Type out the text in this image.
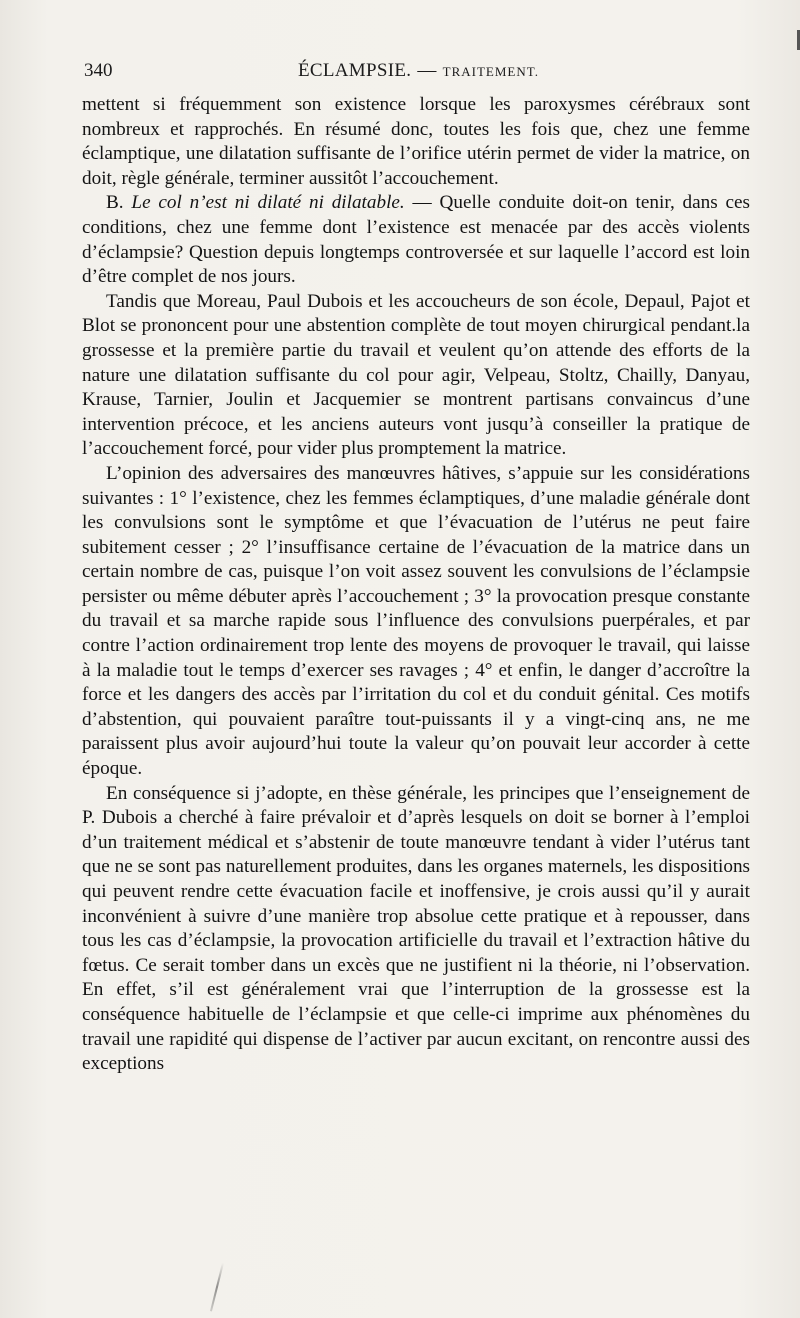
340	ÉCLAMPSIE. — TRAITEMENT.

mettent si fréquemment son existence lorsque les paroxysmes cérébraux sont nombreux et rapprochés. En résumé donc, toutes les fois que, chez une femme éclamptique, une dilatation suffisante de l’orifice utérin permet de vider la matrice, on doit, règle générale, terminer aussitôt l’accouchement.

B. Le col n’est ni dilaté ni dilatable. — Quelle conduite doit-on tenir, dans ces conditions, chez une femme dont l’existence est menacée par des accès violents d’éclampsie? Question depuis longtemps controversée et sur laquelle l’accord est loin d’être complet de nos jours.

Tandis que Moreau, Paul Dubois et les accoucheurs de son école, Depaul, Pajot et Blot se prononcent pour une abstention complète de tout moyen chirurgical pendant.la grossesse et la première partie du travail et veulent qu’on attende des efforts de la nature une dilatation suffisante du col pour agir, Velpeau, Stoltz, Chailly, Danyau, Krause, Tarnier, Joulin et Jacquemier se montrent partisans convaincus d’une intervention précoce, et les anciens auteurs vont jusqu’à conseiller la pratique de l’accouchement forcé, pour vider plus promptement la matrice.

L’opinion des adversaires des manœuvres hâtives, s’appuie sur les considérations suivantes : 1° l’existence, chez les femmes éclamptiques, d’une maladie générale dont les convulsions sont le symptôme et que l’évacuation de l’utérus ne peut faire subitement cesser ; 2° l’insuffisance certaine de l’évacuation de la matrice dans un certain nombre de cas, puisque l’on voit assez souvent les convulsions de l’éclampsie persister ou même débuter après l’accouchement ; 3° la provocation presque constante du travail et sa marche rapide sous l’influence des convulsions puerpérales, et par contre l’action ordinairement trop lente des moyens de provoquer le travail, qui laisse à la maladie tout le temps d’exercer ses ravages ; 4° et enfin, le danger d’accroître la force et les dangers des accès par l’irritation du col et du conduit génital. Ces motifs d’abstention, qui pouvaient paraître tout-puissants il y a vingt-cinq ans, ne me paraissent plus avoir aujourd’hui toute la valeur qu’on pouvait leur accorder à cette époque.

En conséquence si j’adopte, en thèse générale, les principes que l’enseignement de P. Dubois a cherché à faire prévaloir et d’après lesquels on doit se borner à l’emploi d’un traitement médical et s’abstenir de toute manœuvre tendant à vider l’utérus tant que ne se sont pas naturellement produites, dans les organes maternels, les dispositions qui peuvent rendre cette évacuation facile et inoffensive, je crois aussi qu’il y aurait inconvénient à suivre d’une manière trop absolue cette pratique et à repousser, dans tous les cas d’éclampsie, la provocation artificielle du travail et l’extraction hâtive du fœtus. Ce serait tomber dans un excès que ne justifient ni la théorie, ni l’observation. En effet, s’il est généralement vrai que l’interruption de la grossesse est la conséquence habituelle de l’éclampsie et que celle-ci imprime aux phénomènes du travail une rapidité qui dispense de l’activer par aucun excitant, on rencontre aussi des exceptions
